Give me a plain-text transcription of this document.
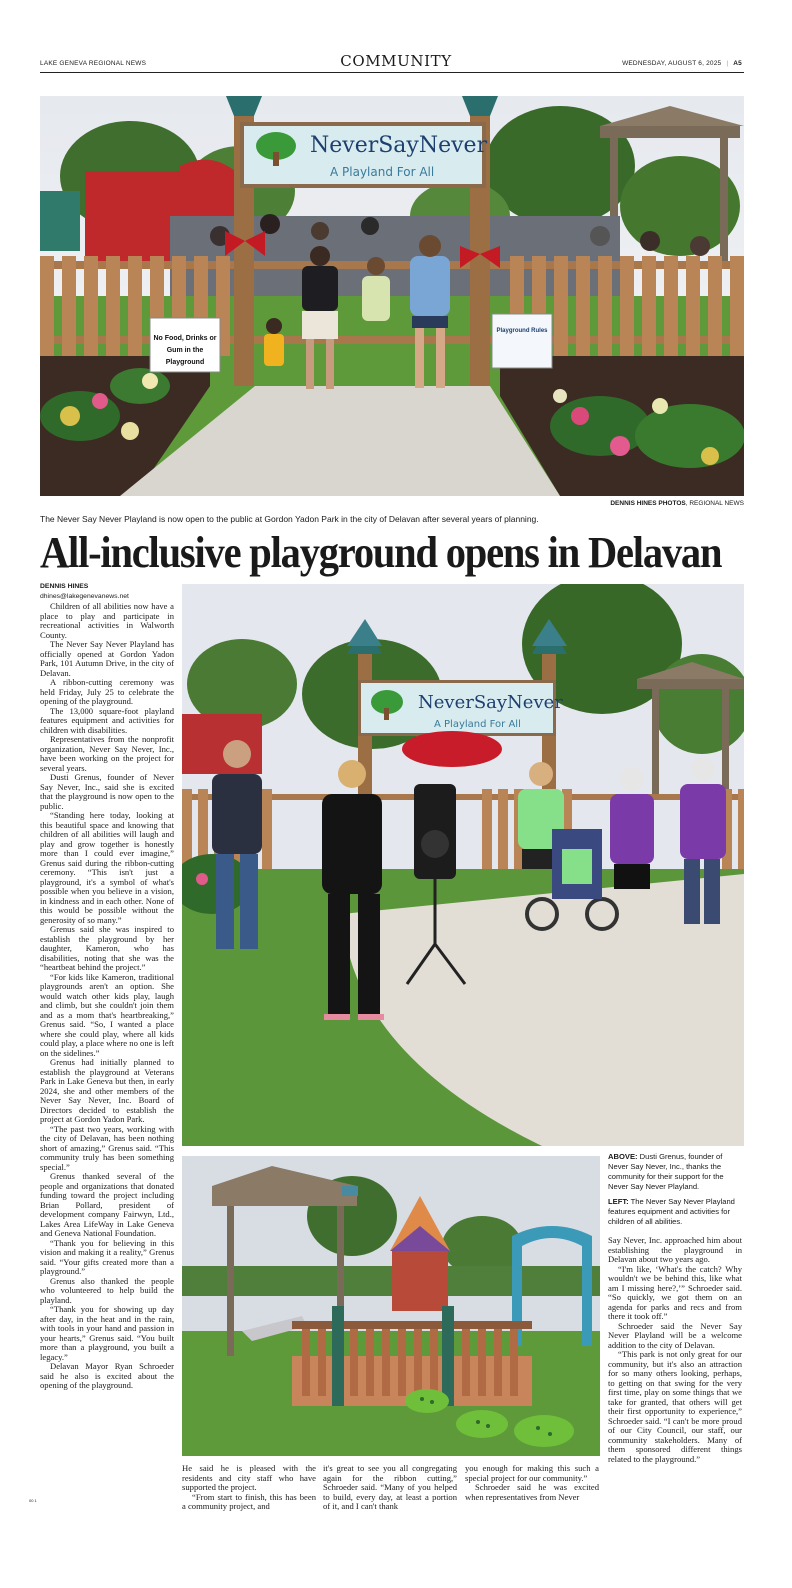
LAKE GENEVA REGIONAL NEWS	COMMUNITY	WEDNESDAY, AUGUST 6, 2025 | A5
NeverSayNever
A Playland For All
No Food, Drinks or
Gum in the
Playground
Playground Rules
DENNIS HINES PHOTOS, REGIONAL NEWS
The Never Say Never Playland is now open to the public at Gordon Yadon Park in the city of Delavan after several years of planning.
All-inclusive playground opens in Delavan
DENNIS HINES
dhines@lakegenevanews.net

Children of all abilities now have a place to play and participate in recreational activities in Walworth County.

The Never Say Never Playland has officially opened at Gordon Yadon Park, 101 Autumn Drive, in the city of Delavan.

A ribbon-cutting ceremony was held Friday, July 25 to celebrate the opening of the playground.

The 13,000 square-foot playland features equipment and activities for children with disabilities.

Representatives from the nonprofit organization, Never Say Never, Inc., have been working on the project for several years.

Dusti Grenus, founder of Never Say Never, Inc., said she is excited that the playground is now open to the public.

“Standing here today, looking at this beautiful space and knowing that children of all abilities will laugh and play and grow together is honestly more than I could ever imagine,” Grenus said during the ribbon-cutting ceremony. “This isn't just a playground, it's a symbol of what's possible when you believe in a vision, in kindness and in each other. None of this would be possible without the generosity of so many.”

Grenus said she was inspired to establish the playground by her daughter, Kameron, who has disabilities, noting that she was the “heartbeat behind the project.”

“For kids like Kameron, traditional playgrounds aren't an option. She would watch other kids play, laugh and climb, but she couldn't join them and as a mom that's heartbreaking,” Grenus said. “So, I wanted a place where she could play, where all kids could play, a place where no one is left on the sidelines.”

Grenus had initially planned to establish the playground at Veterans Park in Lake Geneva but then, in early 2024, she and other members of the Never Say Never, Inc. Board of Directors decided to establish the project at Gordon Yadon Park.

“The past two years, working with the city of Delavan, has been nothing short of amazing,” Grenus said. “This community truly has been something special.”

Grenus thanked several of the people and organizations that donated funding toward the project including Brian Pollard, president of development company Fairwyn, Ltd., Lakes Area LifeWay in Lake Geneva and Geneva National Foundation.

“Thank you for believing in this vision and making it a reality,” Grenus said. “Your gifts created more than a playground.”

Grenus also thanked the people who volunteered to help build the playland.

“Thank you for showing up day after day, in the heat and in the rain, with tools in your hand and passion in your hearts,” Grenus said. “You built more than a playground, you built a legacy.”

Delavan Mayor Ryan Schroeder said he also is excited about the opening of the playground.

00 1
NeverSayNever
A Playland For All

ABOVE: Dusti Grenus, founder of Never Say Never, Inc., thanks the community for their support for the Never Say Never Playland.

LEFT: The Never Say Never Playland features equipment and activities for children of all abilities.

Say Never, Inc. approached him about establishing the playground in Delavan about two years ago.

“I'm like, ‘What's the catch? Why wouldn't we be behind this, like what am I missing here?,’” Schroeder said. “So quickly, we got them on an agenda for parks and recs and from there it took off.”

Schroeder said the Never Say Never Playland will be a welcome addition to the city of Delavan.

“This park is not only great for our community, but it's also an attraction for so many others looking, perhaps, to getting on that swing for the very first time, play on some things that we take for granted, that others will get their first opportunity to experience,” Schroeder said. “I can't be more proud of our City Council, our staff, our community stakeholders. Many of them sponsored different things related to the playground.”

He said he is pleased with the residents and city staff who have supported the project.

“From start to finish, this has been a community project, and

it's great to see you all congregating again for the ribbon cutting,” Schroeder said. “Many of you helped to build, every day, at least a portion of it, and I can't thank

you enough for making this such a special project for our community.”

Schroeder said he was excited when representatives from Never
